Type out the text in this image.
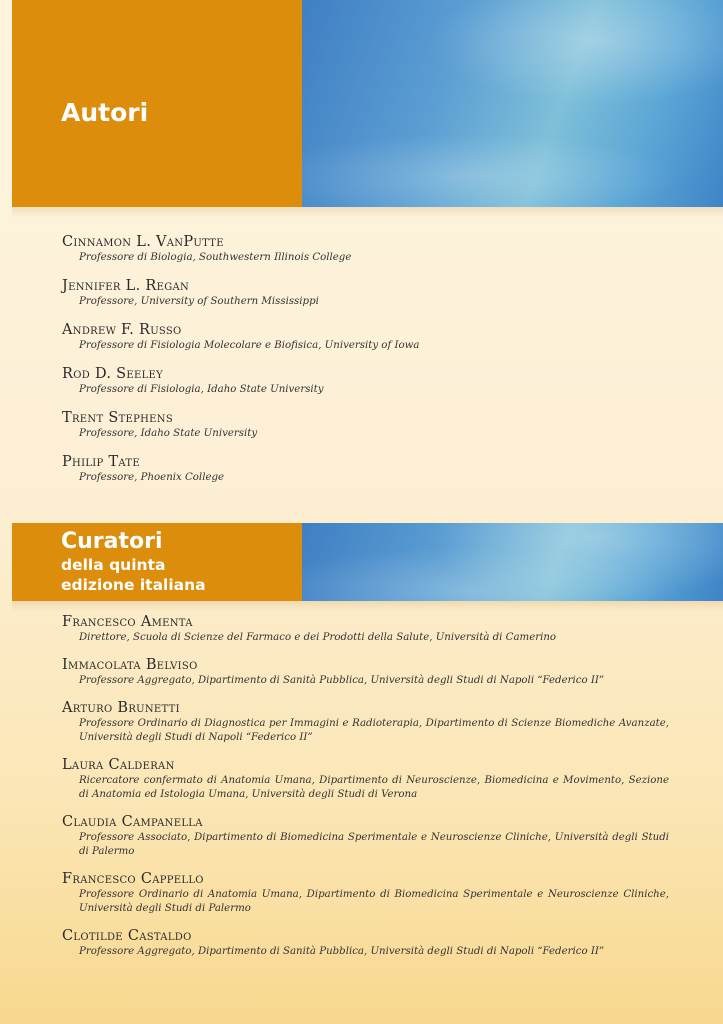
Autori
Cinnamon L. VanPutte
Professore di Biologia, Southwestern Illinois College
Jennifer L. Regan
Professore, University of Southern Mississippi
Andrew F. Russo
Professore di Fisiologia Molecolare e Biofisica, University of Iowa
Rod D. Seeley
Professore di Fisiologia, Idaho State University
Trent Stephens
Professore, Idaho State University
Philip Tate
Professore, Phoenix College
Curatori
della quinta
edizione italiana
Francesco Amenta
Direttore, Scuola di Scienze del Farmaco e dei Prodotti della Salute, Università di Camerino
Immacolata Belviso
Professore Aggregato, Dipartimento di Sanità Pubblica, Università degli Studi di Napoli “Federico II”
Arturo Brunetti
Professore Ordinario di Diagnostica per Immagini e Radioterapia, Dipartimento di Scienze Biomediche Avanzate, Università degli Studi di Napoli “Federico II”
Laura Calderan
Ricercatore confermato di Anatomia Umana, Dipartimento di Neuroscienze, Biomedicina e Movimento, Sezione di Anatomia ed Istologia Umana, Università degli Studi di Verona
Claudia Campanella
Professore Associato, Dipartimento di Biomedicina Sperimentale e Neuroscienze Cliniche, Università degli Studi di Palermo
Francesco Cappello
Professore Ordinario di Anatomia Umana, Dipartimento di Biomedicina Sperimentale e Neuroscienze Cliniche, Università degli Studi di Palermo
Clotilde Castaldo
Professore Aggregato, Dipartimento di Sanità Pubblica, Università degli Studi di Napoli “Federico II”
